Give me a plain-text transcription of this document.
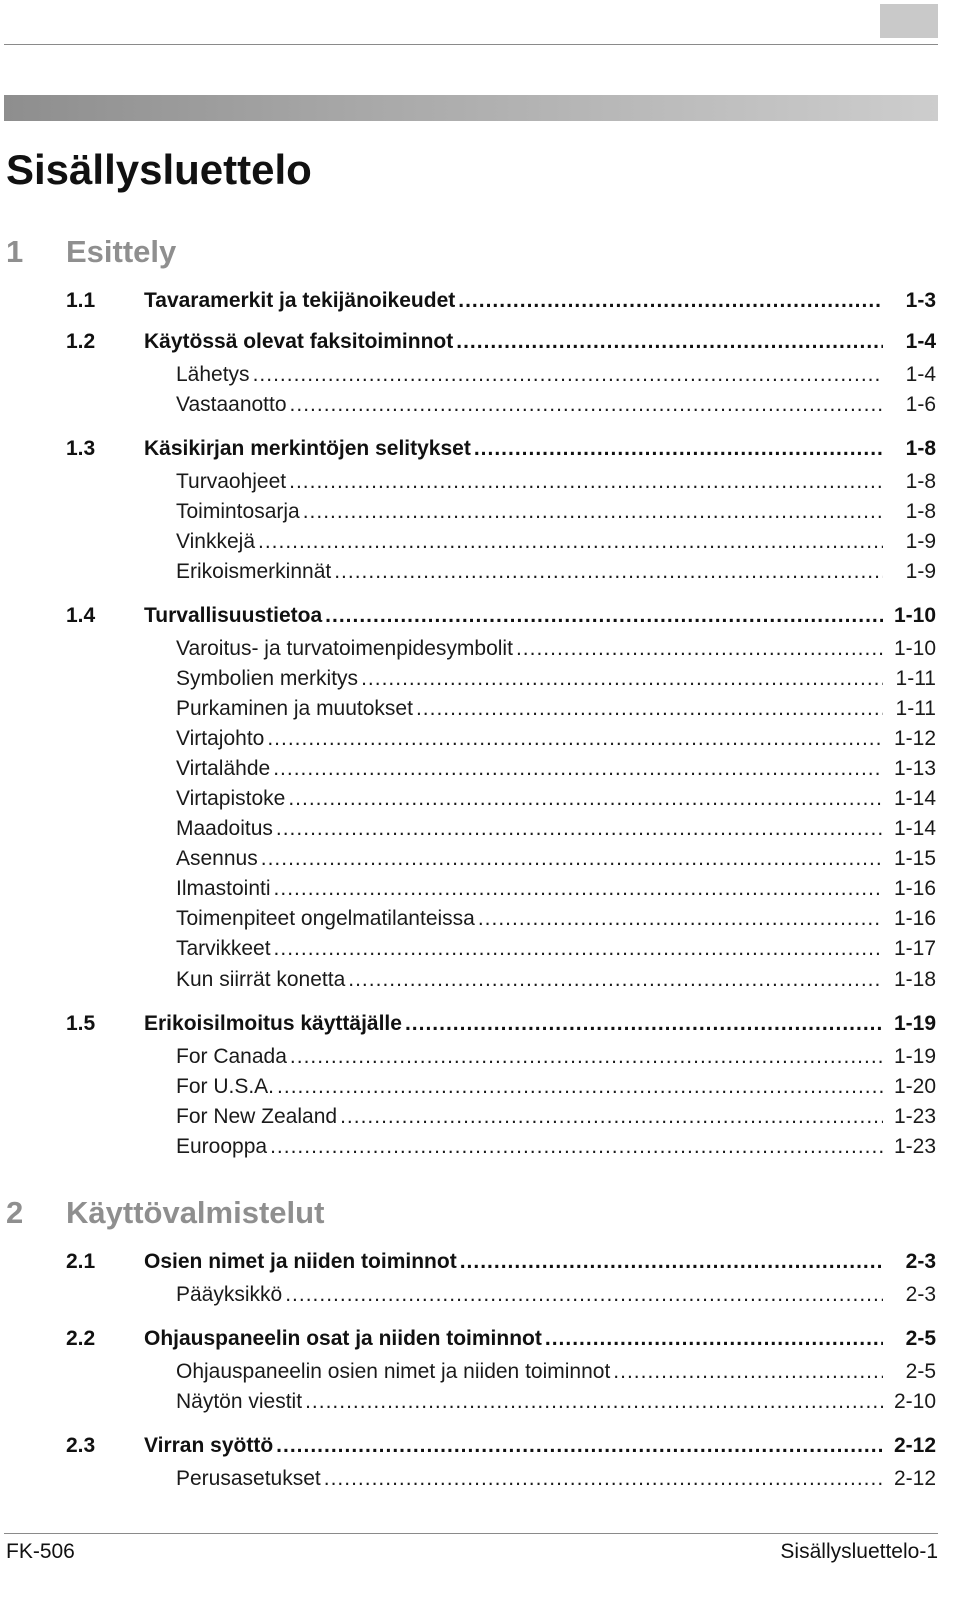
Sisällysluettelo
1 Esittely
1.1 Tavaramerkit ja tekijänoikeudet .....	1-3
1.2 Käytössä olevat faksitoiminnot .....	1-4
Lähetys .....	1-4
Vastaanotto .....	1-6
1.3 Käsikirjan merkintöjen selitykset .....	1-8
Turvaohjeet .....	1-8
Toimintosarja .....	1-8
Vinkkejä .....	1-9
Erikoismerkinnät .....	1-9
1.4 Turvallisuustietoa .....	1-10
Varoitus- ja turvatoimenpidesymbolit .....	1-10
Symbolien merkitys .....	1-11
Purkaminen ja muutokset .....	1-11
Virtajohto .....	1-12
Virtalähde .....	1-13
Virtapistoke .....	1-14
Maadoitus .....	1-14
Asennus .....	1-15
Ilmastointi .....	1-16
Toimenpiteet ongelmatilanteissa .....	1-16
Tarvikkeet .....	1-17
Kun siirrät konetta .....	1-18
1.5 Erikoisilmoitus käyttäjälle .....	1-19
For Canada .....	1-19
For U.S.A. .....	1-20
For New Zealand .....	1-23
Eurooppa .....	1-23
2 Käyttövalmistelut
2.1 Osien nimet ja niiden toiminnot .....	2-3
Pääyksikkö .....	2-3
2.2 Ohjauspaneelin osat ja niiden toiminnot .....	2-5
Ohjauspaneelin osien nimet ja niiden toiminnot .....	2-5
Näytön viestit .....	2-10
2.3 Virran syöttö .....	2-12
Perusasetukset .....	2-12
FK-506	Sisällysluettelo-1
